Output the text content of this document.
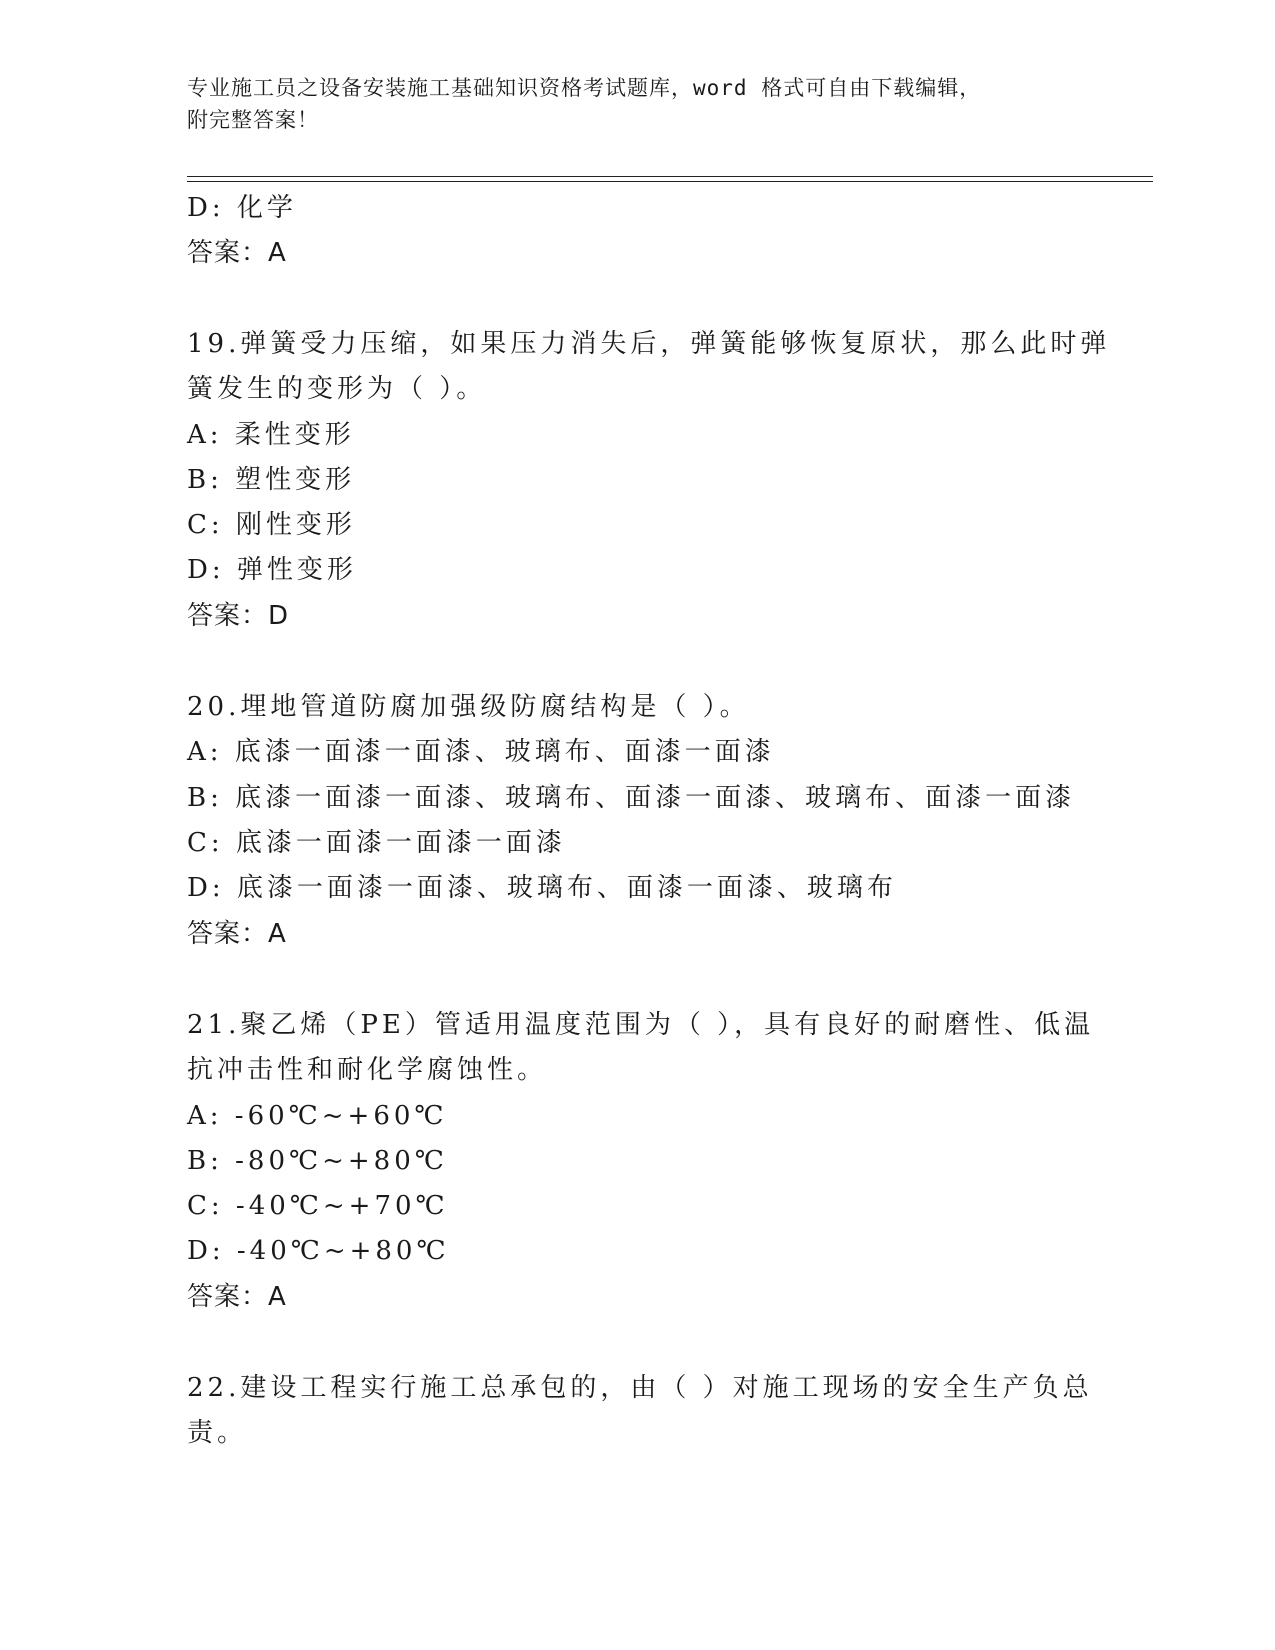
专业施工员之设备安装施工基础知识资格考试题库，word 格式可自由下载编辑，
附完整答案！
D: 化学
答案：A
19.弹簧受力压缩，如果压力消失后，弹簧能够恢复原状，那么此时弹
簧发生的变形为（ ）。
A: 柔性变形
B: 塑性变形
C: 刚性变形
D: 弹性变形
答案：D
20.埋地管道防腐加强级防腐结构是（ ）。
A: 底漆一面漆一面漆、玻璃布、面漆一面漆
B: 底漆一面漆一面漆、玻璃布、面漆一面漆、玻璃布、面漆一面漆
C: 底漆一面漆一面漆一面漆
D: 底漆一面漆一面漆、玻璃布、面漆一面漆、玻璃布
答案：A
21.聚乙烯（PE）管适用温度范围为（ ），具有良好的耐磨性、低温
抗冲击性和耐化学腐蚀性。
A: -60℃~+60℃
B: -80℃~+80℃
C: -40℃~+70℃
D: -40℃~+80℃
答案：A
22.建设工程实行施工总承包的，由（ ）对施工现场的安全生产负总
责。
